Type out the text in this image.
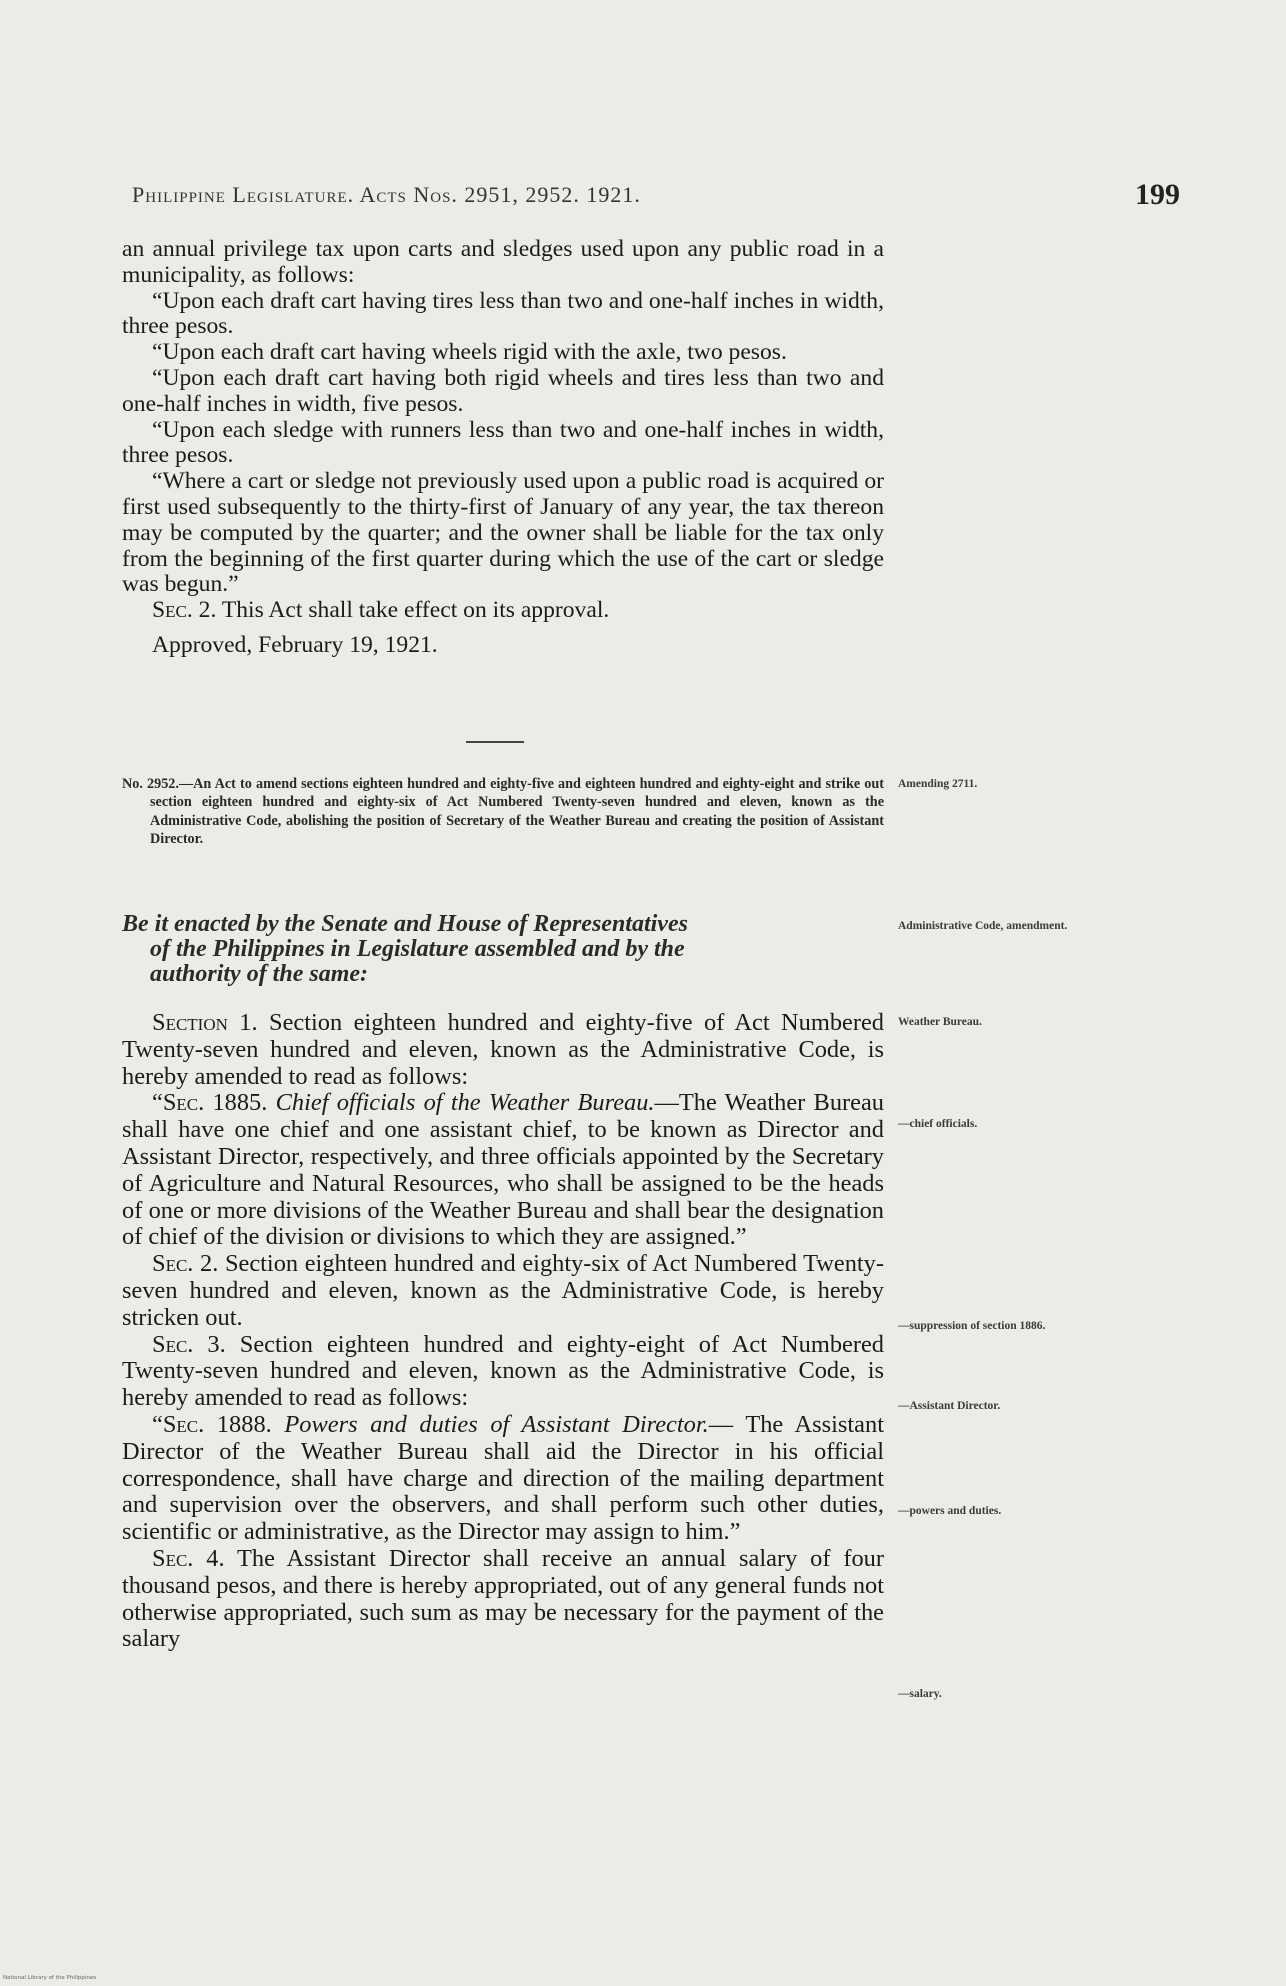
Philippine Legislature. Acts Nos. 2951, 2952. 1921.	199

an annual privilege tax upon carts and sledges used upon any public road in a municipality, as follows:

“Upon each draft cart having tires less than two and one-half inches in width, three pesos.

“Upon each draft cart having wheels rigid with the axle, two pesos.

“Upon each draft cart having both rigid wheels and tires less than two and one-half inches in width, five pesos.

“Upon each sledge with runners less than two and one-half inches in width, three pesos.

“Where a cart or sledge not previously used upon a public road is acquired or first used subsequently to the thirty-first of January of any year, the tax thereon may be computed by the quarter; and the owner shall be liable for the tax only from the beginning of the first quarter during which the use of the cart or sledge was begun.”

Sec. 2. This Act shall take effect on its approval.

Approved, February 19, 1921.

No. 2952.—An Act to amend sections eighteen hundred and eighty-five and eighteen hundred and eighty-eight and strike out section eighteen hundred and eighty-six of Act Numbered Twenty-seven hundred and eleven, known as the Administrative Code, abolishing the position of Secretary of the Weather Bureau and creating the position of Assistant Director.
Amending 2711.
Be it enacted by the Senate and House of Representatives
of the Philippines in Legislature assembled and by the
authority of the same:
Administrative Code, amendment.

Section 1. Section eighteen hundred and eighty-five of Act Numbered Twenty-seven hundred and eleven, known as the Administrative Code, is hereby amended to read as follows:

“Sec. 1885. Chief officials of the Weather Bureau.—The Weather Bureau shall have one chief and one assistant chief, to be known as Director and Assistant Director, respectively, and three officials appointed by the Secretary of Agriculture and Natural Resources, who shall be assigned to be the heads of one or more divisions of the Weather Bureau and shall bear the designation of chief of the division or divisions to which they are assigned.”

Sec. 2. Section eighteen hundred and eighty-six of Act Numbered Twenty-seven hundred and eleven, known as the Administrative Code, is hereby stricken out.

Sec. 3. Section eighteen hundred and eighty-eight of Act Numbered Twenty-seven hundred and eleven, known as the Administrative Code, is hereby amended to read as follows:

“Sec. 1888. Powers and duties of Assistant Director.— The Assistant Director of the Weather Bureau shall aid the Director in his official correspondence, shall have charge and direction of the mailing department and supervision over the observers, and shall perform such other duties, scientific or administrative, as the Director may assign to him.”

Sec. 4. The Assistant Director shall receive an annual salary of four thousand pesos, and there is hereby appropriated, out of any general funds not otherwise appropriated, such sum as may be necessary for the payment of the salary

Weather Bureau.
—chief officials.
—suppression of section 1886.
—Assistant Director.
—powers and duties.
—salary.
National Library of the Philippines
